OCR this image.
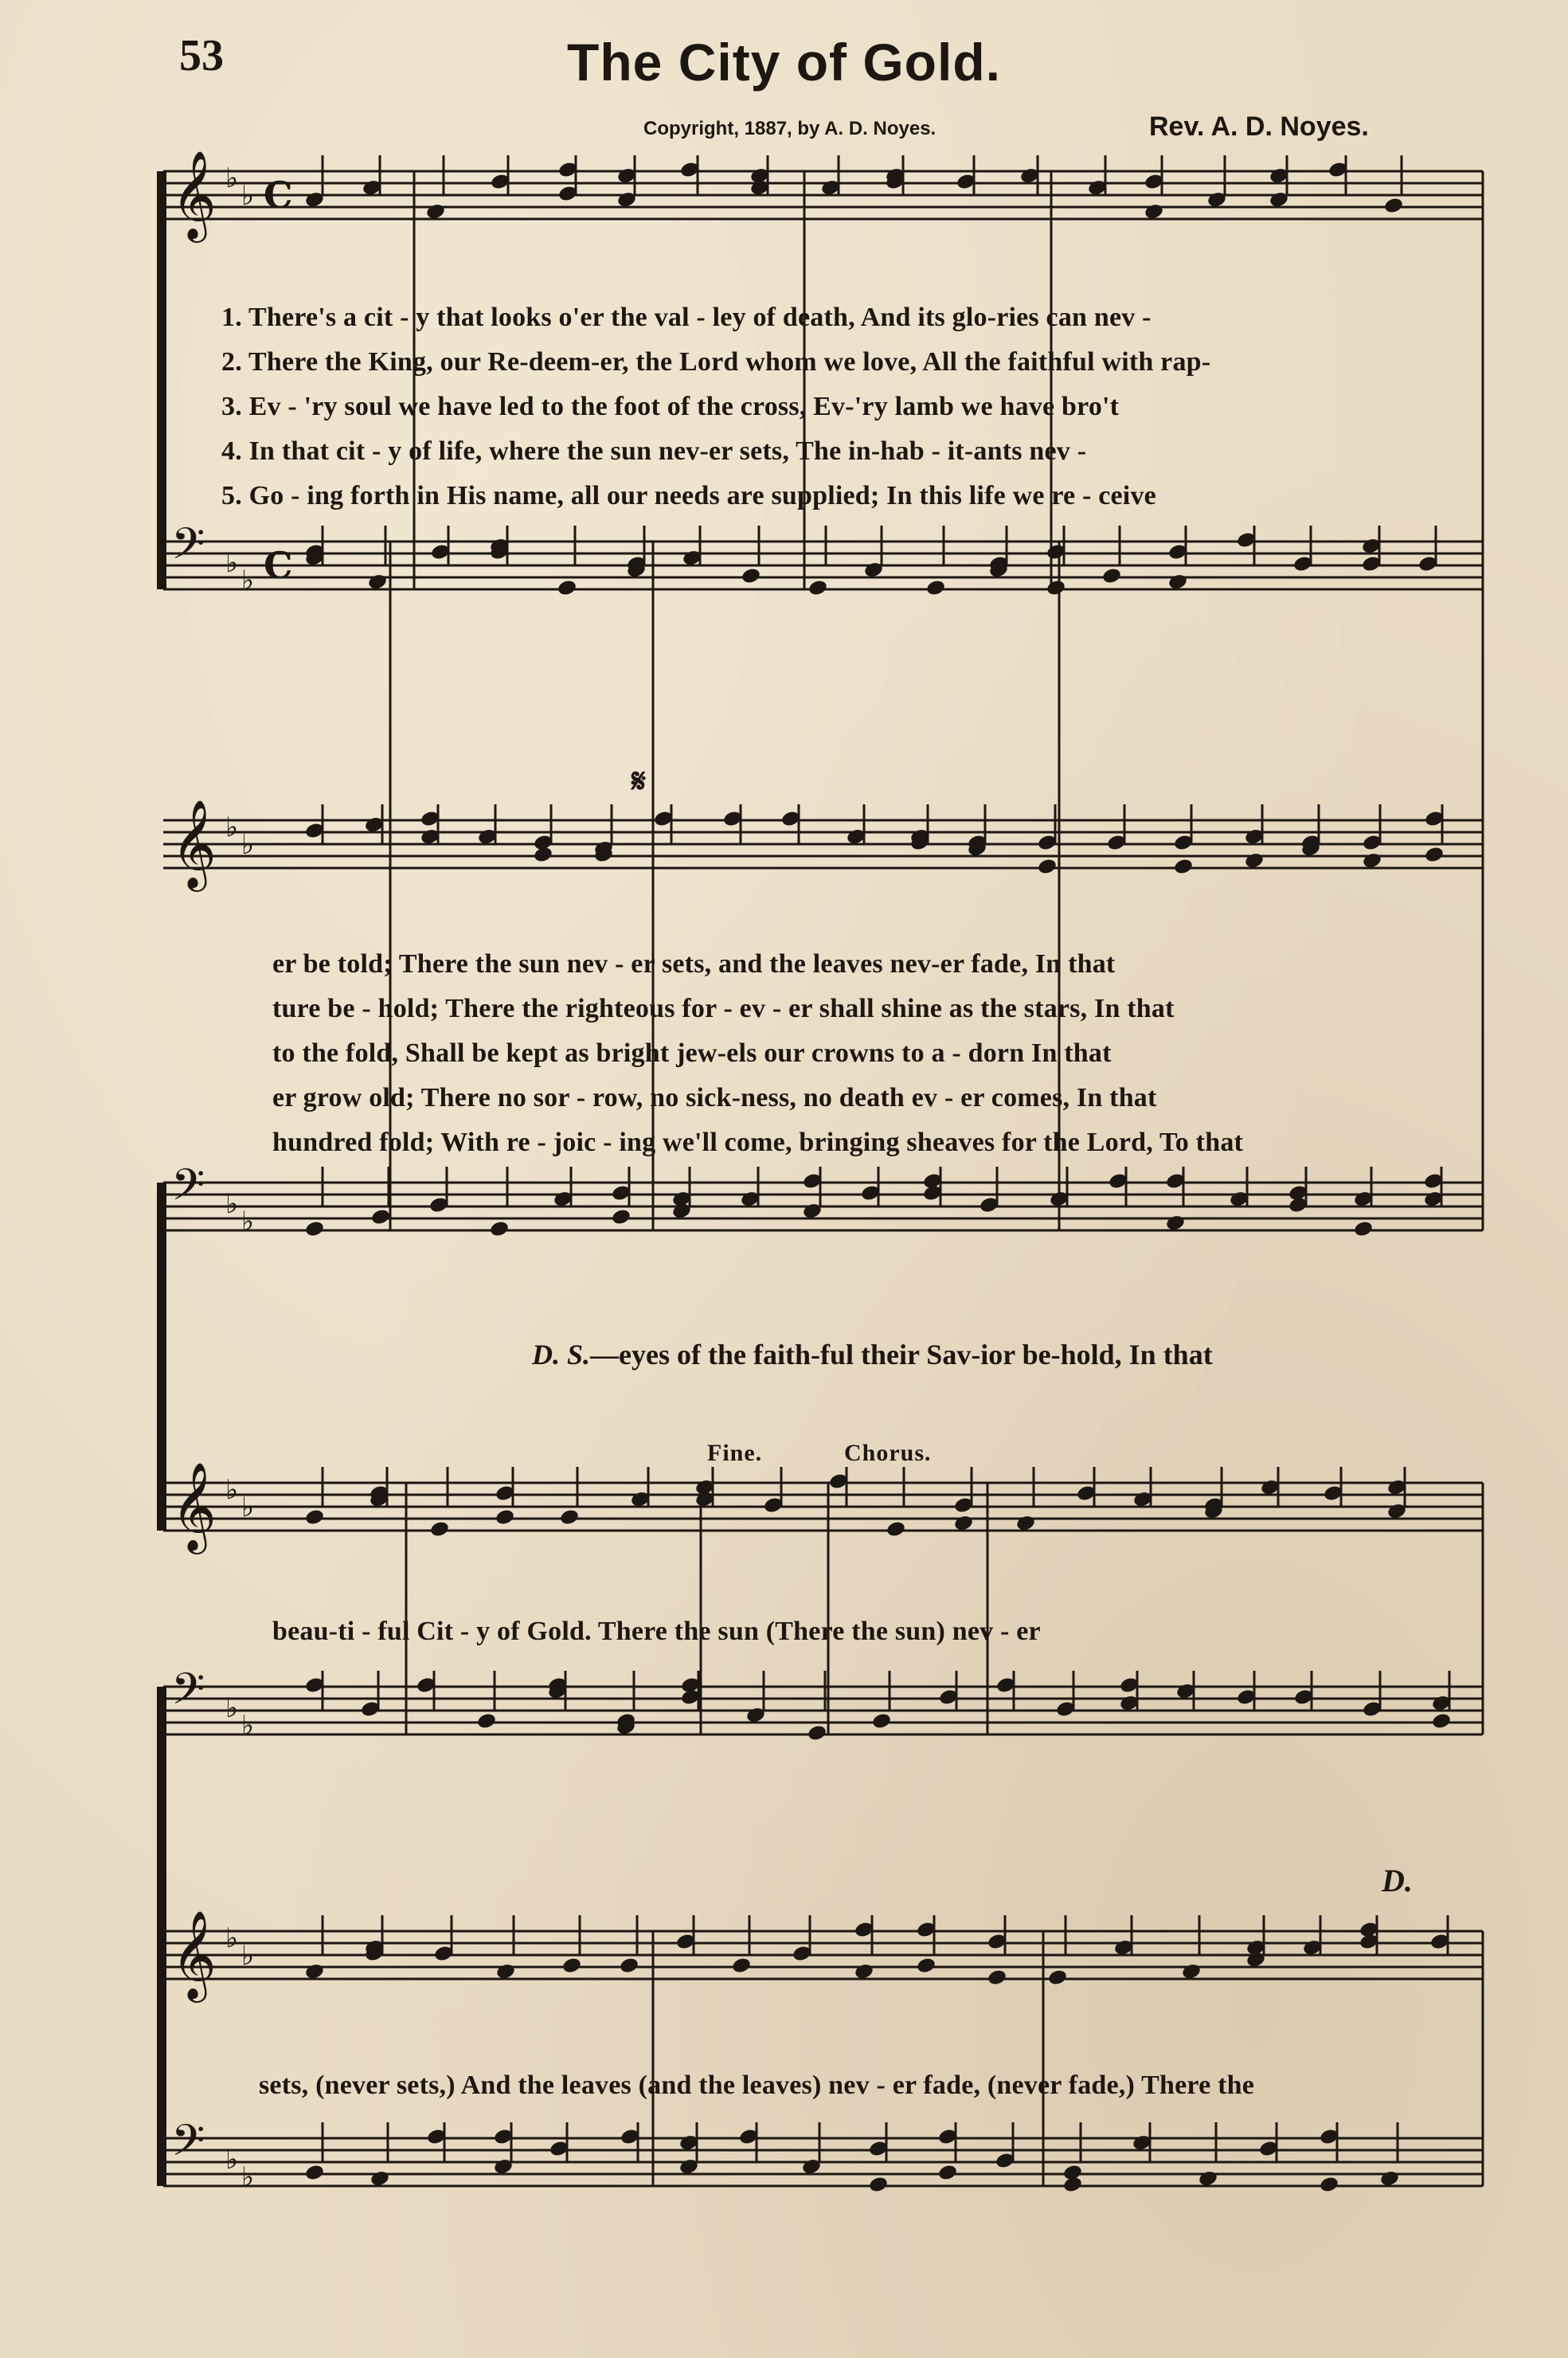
53	The City of Gold.
Copyright, 1887, by A. D. Noyes.	Rev. A. D. Noyes.
𝄞 ♭
♭ C
𝄢 ♭
♭ C
𝄞 ♭
♭
𝄢 ♭
♭
𝄞 ♭
♭
𝄢 ♭
♭
𝄞 ♭
♭
𝄢 ♭
♭
𝄋
1. There's a cit - y that looks o'er the val - ley of death, And its glo-ries can nev -
2. There the King, our Re-deem-er, the Lord whom we love, All the faithful with rap-
3. Ev - 'ry soul we have led to the foot of the cross, Ev-'ry lamb we have bro't
4. In that cit - y of life, where the sun nev-er sets, The in-hab - it-ants nev -
5. Go - ing forth in His name, all our needs are supplied; In this life we re - ceive
er be told; There the sun nev - er sets, and the leaves nev-er fade, In that
ture be - hold; There the righteous for - ev - er shall shine as the stars, In that
to the fold, Shall be kept as bright jew-els our crowns to a - dorn In that
er grow old; There no sor - row, no sick-ness, no death ev - er comes, In that
hundred fold; With re - joic - ing we'll come, bringing sheaves for the Lord, To that
D. S.—eyes of the faith-ful their Sav-ior be-hold, In that
Fine.	Chorus.
beau-ti - ful Cit - y of Gold. There the sun (There the sun) nev - er
D.
sets, (never sets,) And the leaves (and the leaves) nev - er fade, (never fade,) There the
